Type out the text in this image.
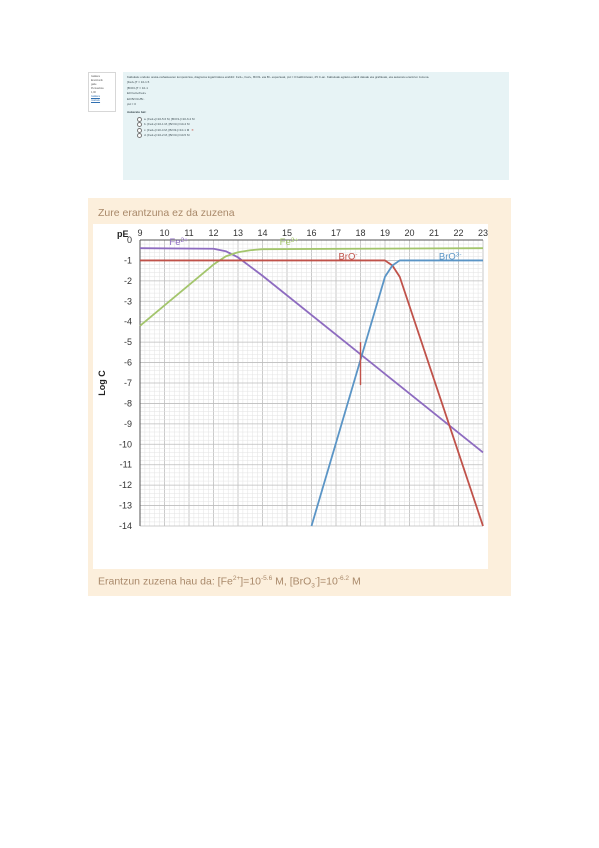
Galdera
Erantzunik
gabe
Puntuazioa
1,00
Galdera
markatu
Kalkulatu ondoko oreka-nahastearen konposizioa, diagrama logaritmikoa erabiliz: Fe3+, Fe2+, BrO3- eta Br- espezieak, pH = 0 baldintzetan, 25 C-an. Kalkuluak egiteko erabili datuak eta grafikoak, eta aukeratu erantzun zuzena.
[Fe2+]T = 10-1.5
[BrO3-]T = 10-1
E0 Fe3+/Fe2+
E0 BrO3-/Br-
pH = 0
Aukeratu bat:
a. [Fe2+]=10-5.6 M, [BrO3-]=10-6.2 M
b. [Fe2+]=10-1 M, [BrO3-]=10-4 M
c. [Fe2+]=10-4 M, [BrO3-]=10-1 M ✕
d. [Fe2+]=10-2 M, [BrO3-]=10-5 M
Zure erantzuna ez da zuzena
9 10 11 12 13 14 15 16 17 18 19 20 21 22 23
0
-1
-2
-3
-4
-5
-6
-7
-8
-9
-10
-11
-12
-13
-14
pE
Log C
$Fe^{2+}$	$Fe^{3+}$
BrO-	BrO$^{3-}$
Erantzun zuzena hau da: $[Fe^{2+}]=10^{-5.6}$ M, $[BrO_3^-]=10^{-6.2}$ M
